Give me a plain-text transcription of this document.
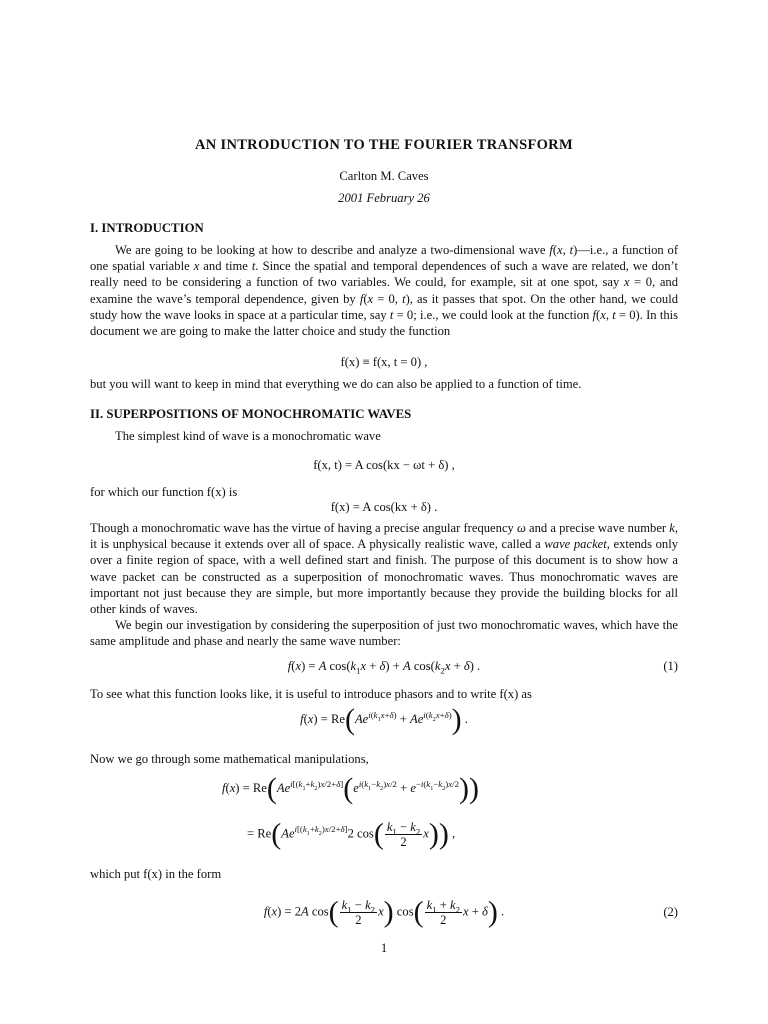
AN INTRODUCTION TO THE FOURIER TRANSFORM
Carlton M. Caves
2001 February 26
I. INTRODUCTION
We are going to be looking at how to describe and analyze a two-dimensional wave f(x, t)—i.e., a function of one spatial variable x and time t. Since the spatial and temporal dependences of such a wave are related, we don’t really need to be considering a function of two variables. We could, for example, sit at one spot, say x = 0, and examine the wave’s temporal dependence, given by f(x = 0, t), as it passes that spot. On the other hand, we could study how the wave looks in space at a particular time, say t = 0; i.e., we could look at the function f(x, t = 0). In this document we are going to make the latter choice and study the function
f(x) ≡ f(x, t = 0) ,
but you will want to keep in mind that everything we do can also be applied to a function of time.
II. SUPERPOSITIONS OF MONOCHROMATIC WAVES
The simplest kind of wave is a monochromatic wave
f(x, t) = A cos(kx − ωt + δ) ,
for which our function f(x) is
f(x) = A cos(kx + δ) .
Though a monochromatic wave has the virtue of having a precise angular frequency ω and a precise wave number k, it is unphysical because it extends over all of space. A physically realistic wave, called a wave packet, extends only over a finite region of space, with a well defined start and finish. The purpose of this document is to show how a wave packet can be constructed as a superposition of monochromatic waves. Thus monochromatic waves are important not just because they are simple, but more importantly because they provide the building blocks for all other kinds of waves.
We begin our investigation by considering the superposition of just two monochromatic waves, which have the same amplitude and phase and nearly the same wave number:
f(x) = A $\cos(k_1x + \delta) + A$ $\cos(k_2x + \delta)$ .	(1)
To see what this function looks like, it is useful to introduce phasors and to write f(x) as
$f(x) = Re(Ae^{i(k_1x+\delta)} + Ae^{i(k_2x+\delta)})$ .
Now we go through some mathematical manipulations,
$f(x) = Re(Ae^{i[(k_1+k_2)x/2+\delta]}(e^{i(k_1-k_2)x/2} + e^{-i(k_1-k_2)x/2}))$
= $Re(Ae^{i[(k_1+k_2)x/2+\delta]}2$ $\cos( \frac{k_1 - k_2}{2} x)$) ,
which put f(x) in the form
f(x) = 2A $\cos( \frac{k_1 - k_2}{2} x)$ $\cos( \frac{k_1 + k_2}{2}$ x + δ) .	(2)
1
